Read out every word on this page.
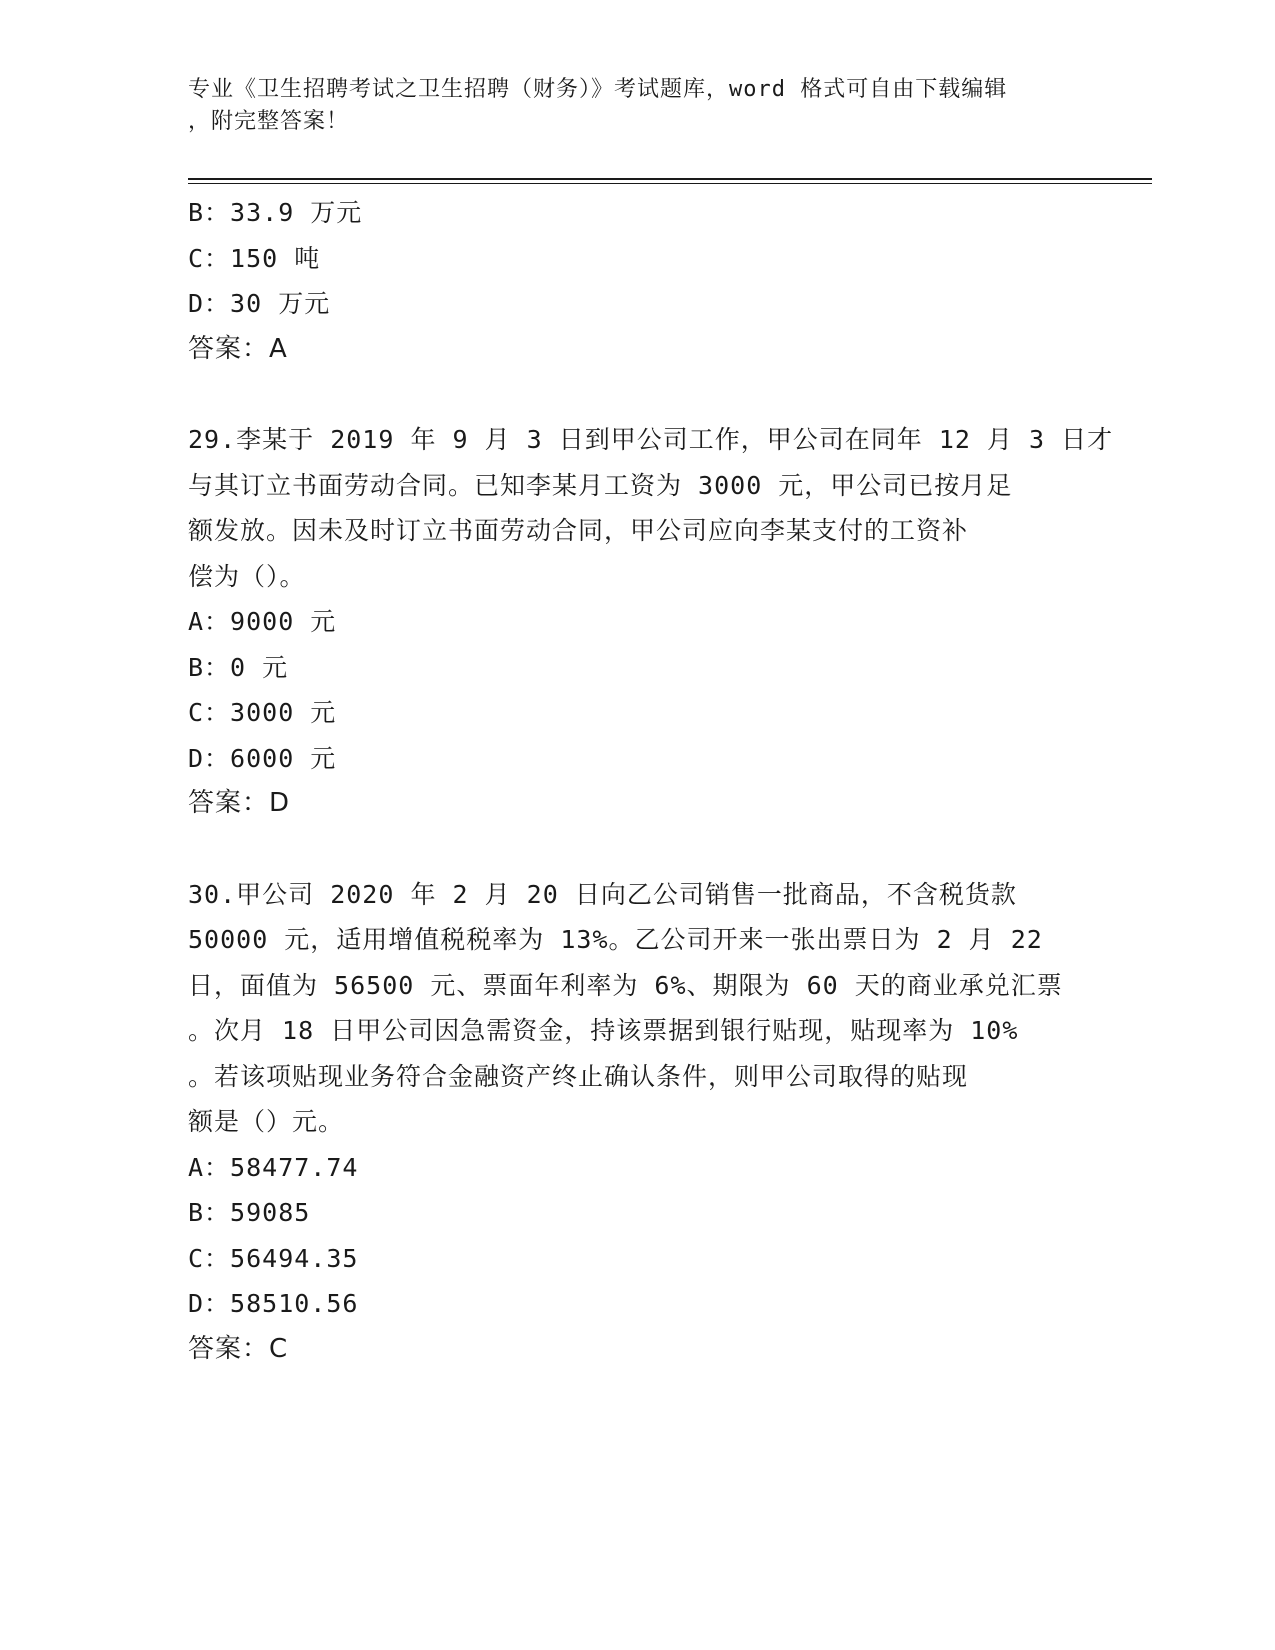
专业《卫生招聘考试之卫生招聘（财务）》考试题库，word 格式可自由下载编辑
，附完整答案！
B：33.9 万元
C：150 吨
D：30 万元
答案：A
29.李某于 2019 年 9 月 3 日到甲公司工作，甲公司在同年 12 月 3 日才
与其订立书面劳动合同。已知李某月工资为 3000 元，甲公司已按月足
额发放。因未及时订立书面劳动合同，甲公司应向李某支付的工资补
偿为（）。
A：9000 元
B：0 元
C：3000 元
D：6000 元
答案：D
30.甲公司 2020 年 2 月 20 日向乙公司销售一批商品，不含税货款
50000 元，适用增值税税率为 13%。乙公司开来一张出票日为 2 月 22
日，面值为 56500 元、票面年利率为 6%、期限为 60 天的商业承兑汇票
。次月 18 日甲公司因急需资金，持该票据到银行贴现，贴现率为 10%
。若该项贴现业务符合金融资产终止确认条件，则甲公司取得的贴现
额是（）元。
A：58477.74
B：59085
C：56494.35
D：58510.56
答案：C
